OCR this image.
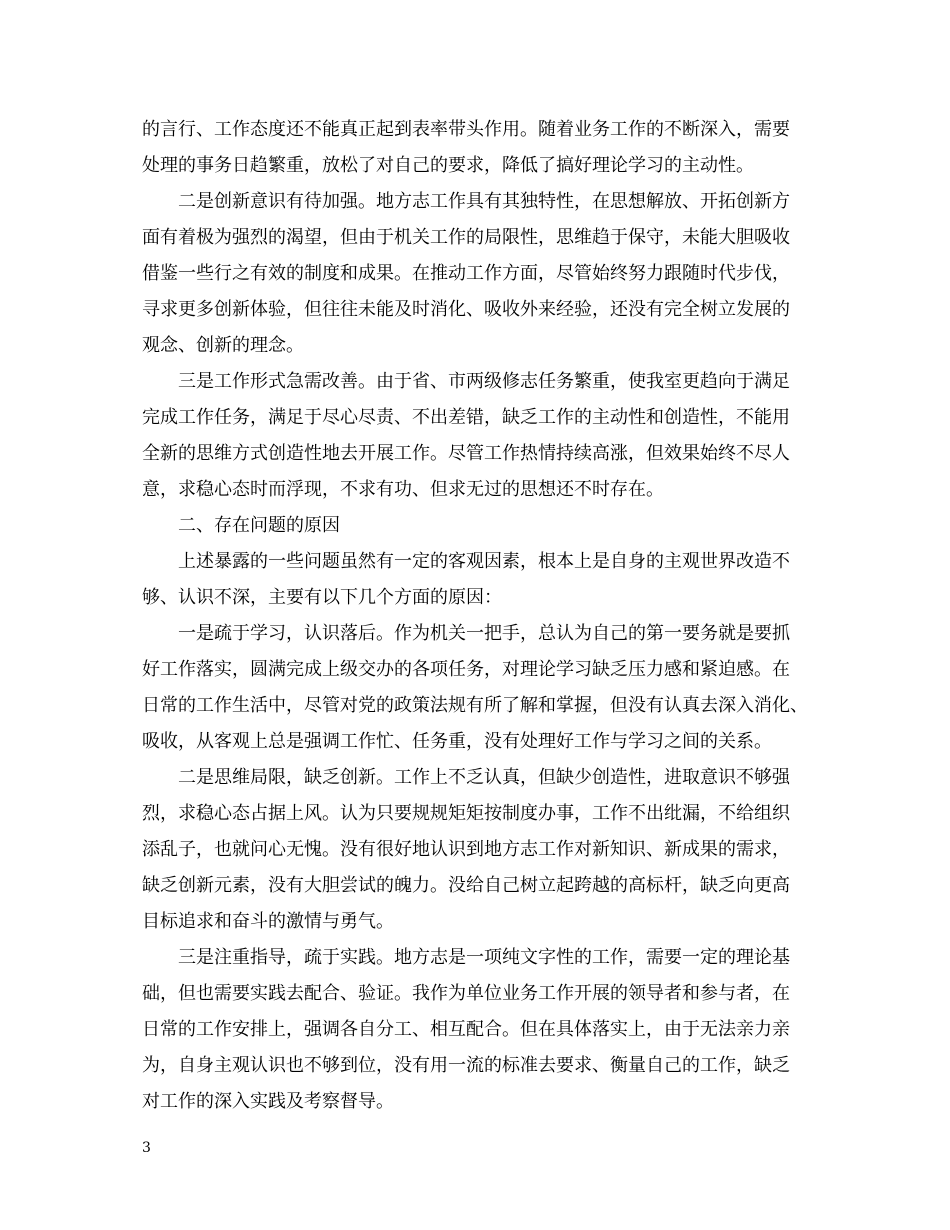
的言行、工作态度还不能真正起到表率带头作用。随着业务工作的不断深入，需要
处理的事务日趋繁重，放松了对自己的要求，降低了搞好理论学习的主动性。
二是创新意识有待加强。地方志工作具有其独特性，在思想解放、开拓创新方
面有着极为强烈的渴望，但由于机关工作的局限性，思维趋于保守，未能大胆吸收
借鉴一些行之有效的制度和成果。在推动工作方面，尽管始终努力跟随时代步伐，
寻求更多创新体验，但往往未能及时消化、吸收外来经验，还没有完全树立发展的
观念、创新的理念。
三是工作形式急需改善。由于省、市两级修志任务繁重，使我室更趋向于满足
完成工作任务，满足于尽心尽责、不出差错，缺乏工作的主动性和创造性，不能用
全新的思维方式创造性地去开展工作。尽管工作热情持续高涨，但效果始终不尽人
意，求稳心态时而浮现，不求有功、但求无过的思想还不时存在。
二、存在问题的原因
上述暴露的一些问题虽然有一定的客观因素，根本上是自身的主观世界改造不
够、认识不深，主要有以下几个方面的原因：
一是疏于学习，认识落后。作为机关一把手，总认为自己的第一要务就是要抓
好工作落实，圆满完成上级交办的各项任务，对理论学习缺乏压力感和紧迫感。在
日常的工作生活中，尽管对党的政策法规有所了解和掌握，但没有认真去深入消化、
吸收，从客观上总是强调工作忙、任务重，没有处理好工作与学习之间的关系。
二是思维局限，缺乏创新。工作上不乏认真，但缺少创造性，进取意识不够强
烈，求稳心态占据上风。认为只要规规矩矩按制度办事，工作不出纰漏，不给组织
添乱子，也就问心无愧。没有很好地认识到地方志工作对新知识、新成果的需求，
缺乏创新元素，没有大胆尝试的魄力。没给自己树立起跨越的高标杆，缺乏向更高
目标追求和奋斗的激情与勇气。
三是注重指导，疏于实践。地方志是一项纯文字性的工作，需要一定的理论基
础，但也需要实践去配合、验证。我作为单位业务工作开展的领导者和参与者，在
日常的工作安排上，强调各自分工、相互配合。但在具体落实上，由于无法亲力亲
为，自身主观认识也不够到位，没有用一流的标准去要求、衡量自己的工作，缺乏
对工作的深入实践及考察督导。
3
